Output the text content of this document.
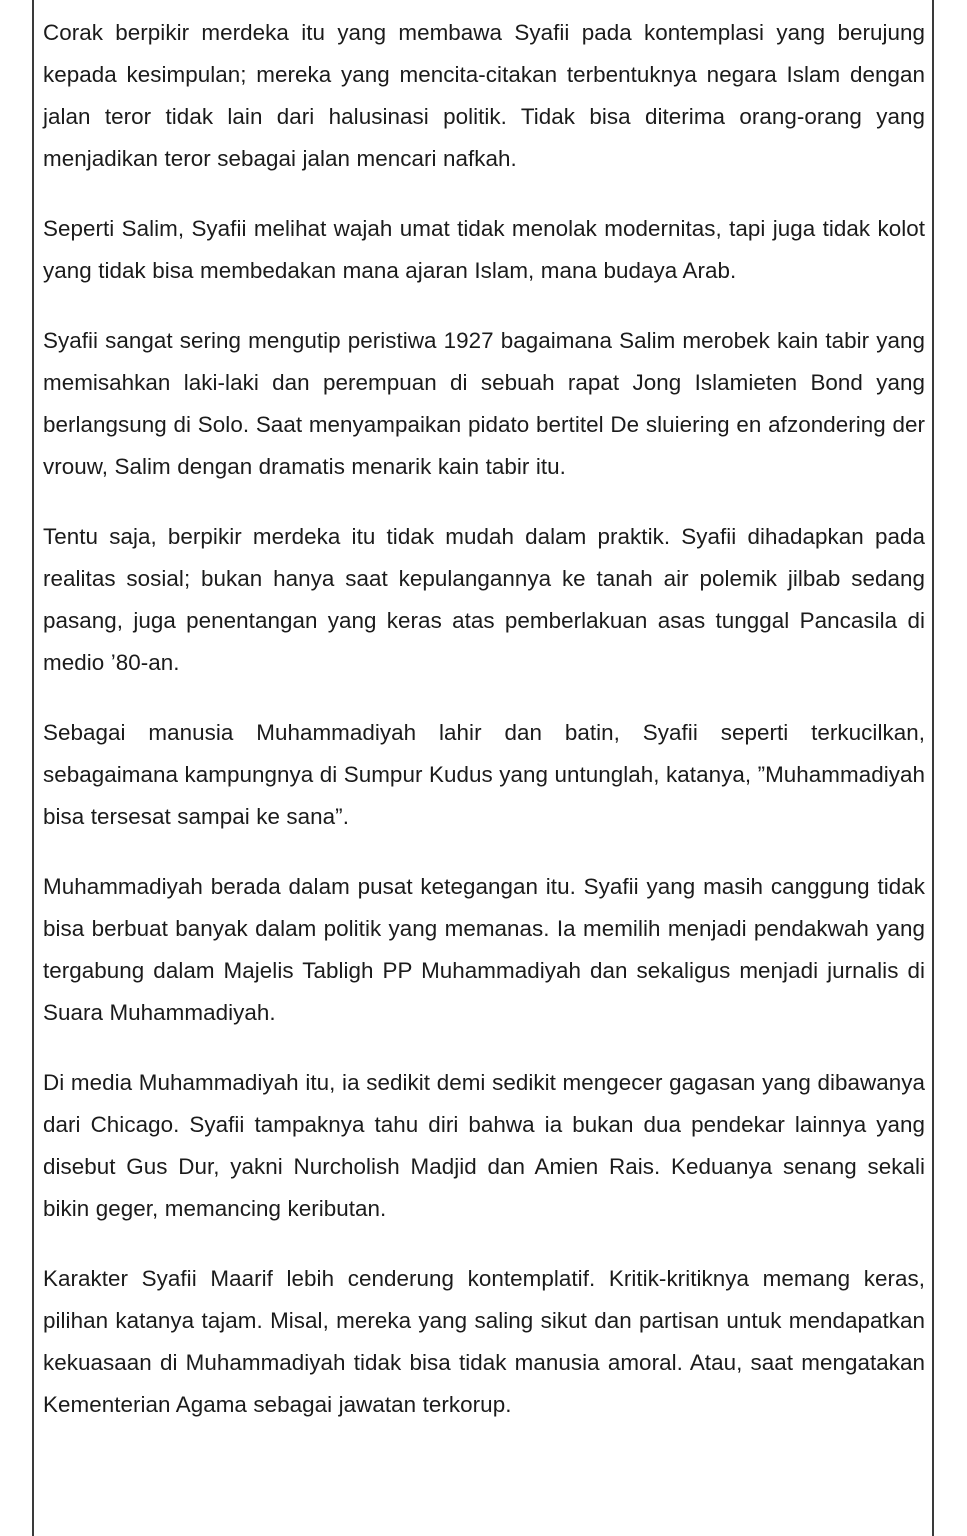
Corak berpikir merdeka itu yang membawa Syafii pada kontemplasi yang berujung kepada kesimpulan; mereka yang mencita-citakan terbentuknya negara Islam dengan jalan teror tidak lain dari halusinasi politik. Tidak bisa diterima orang-orang yang menjadikan teror sebagai jalan mencari nafkah.

Seperti Salim, Syafii melihat wajah umat tidak menolak modernitas, tapi juga tidak kolot yang tidak bisa membedakan mana ajaran Islam, mana budaya Arab.

Syafii sangat sering mengutip peristiwa 1927 bagaimana Salim merobek kain tabir yang memisahkan laki-laki dan perempuan di sebuah rapat Jong Islamieten Bond yang berlangsung di Solo. Saat menyampaikan pidato bertitel De sluiering en afzondering der vrouw, Salim dengan dramatis menarik kain tabir itu.

Tentu saja, berpikir merdeka itu tidak mudah dalam praktik. Syafii dihadapkan pada realitas sosial; bukan hanya saat kepulangannya ke tanah air polemik jilbab sedang pasang, juga penentangan yang keras atas pemberlakuan asas tunggal Pancasila di medio ’80-an.

Sebagai manusia Muhammadiyah lahir dan batin, Syafii seperti terkucilkan, sebagaimana kampungnya di Sumpur Kudus yang untunglah, katanya, ”Muhammadiyah bisa tersesat sampai ke sana”.

Muhammadiyah berada dalam pusat ketegangan itu. Syafii yang masih canggung tidak bisa berbuat banyak dalam politik yang memanas. Ia memilih menjadi pendakwah yang tergabung dalam Majelis Tabligh PP Muhammadiyah dan sekaligus menjadi jurnalis di Suara Muhammadiyah.

Di media Muhammadiyah itu, ia sedikit demi sedikit mengecer gagasan yang dibawanya dari Chicago. Syafii tampaknya tahu diri bahwa ia bukan dua pendekar lainnya yang disebut Gus Dur, yakni Nurcholish Madjid dan Amien Rais. Keduanya senang sekali bikin geger, memancing keributan.

Karakter Syafii Maarif lebih cenderung kontemplatif. Kritik-kritiknya memang keras, pilihan katanya tajam. Misal, mereka yang saling sikut dan partisan untuk mendapatkan kekuasaan di Muhammadiyah tidak bisa tidak manusia amoral. Atau, saat mengatakan Kementerian Agama sebagai jawatan terkorup.
